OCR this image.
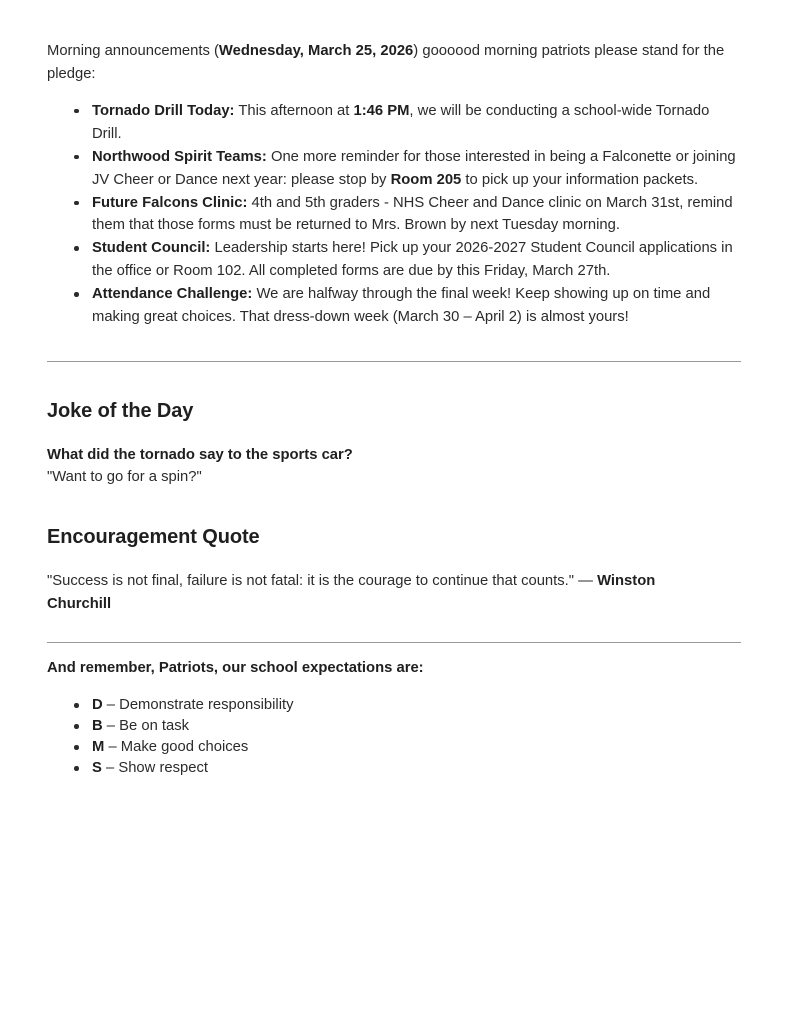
Morning announcements (Wednesday, March 25, 2026) goooood morning patriots please stand for the pledge:

Tornado Drill Today: This afternoon at 1:46 PM, we will be conducting a school-wide Tornado Drill.
Northwood Spirit Teams: One more reminder for those interested in being a Falconette or joining JV Cheer or Dance next year: please stop by Room 205 to pick up your information packets.
Future Falcons Clinic: 4th and 5th graders - NHS Cheer and Dance clinic on March 31st, remind them that those forms must be returned to Mrs. Brown by next Tuesday morning.
Student Council: Leadership starts here! Pick up your 2026-2027 Student Council applications in the office or Room 102. All completed forms are due by this Friday, March 27th.
Attendance Challenge: We are halfway through the final week! Keep showing up on time and making great choices. That dress-down week (March 30 – April 2) is almost yours!
Joke of the Day

What did the tornado say to the sports car?

"Want to go for a spin?"

Encouragement Quote

"Success is not final, failure is not fatal: it is the courage to continue that counts." — Winston Churchill

And remember, Patriots, our school expectations are:

D – Demonstrate responsibility
B – Be on task
M – Make good choices
S – Show respect
